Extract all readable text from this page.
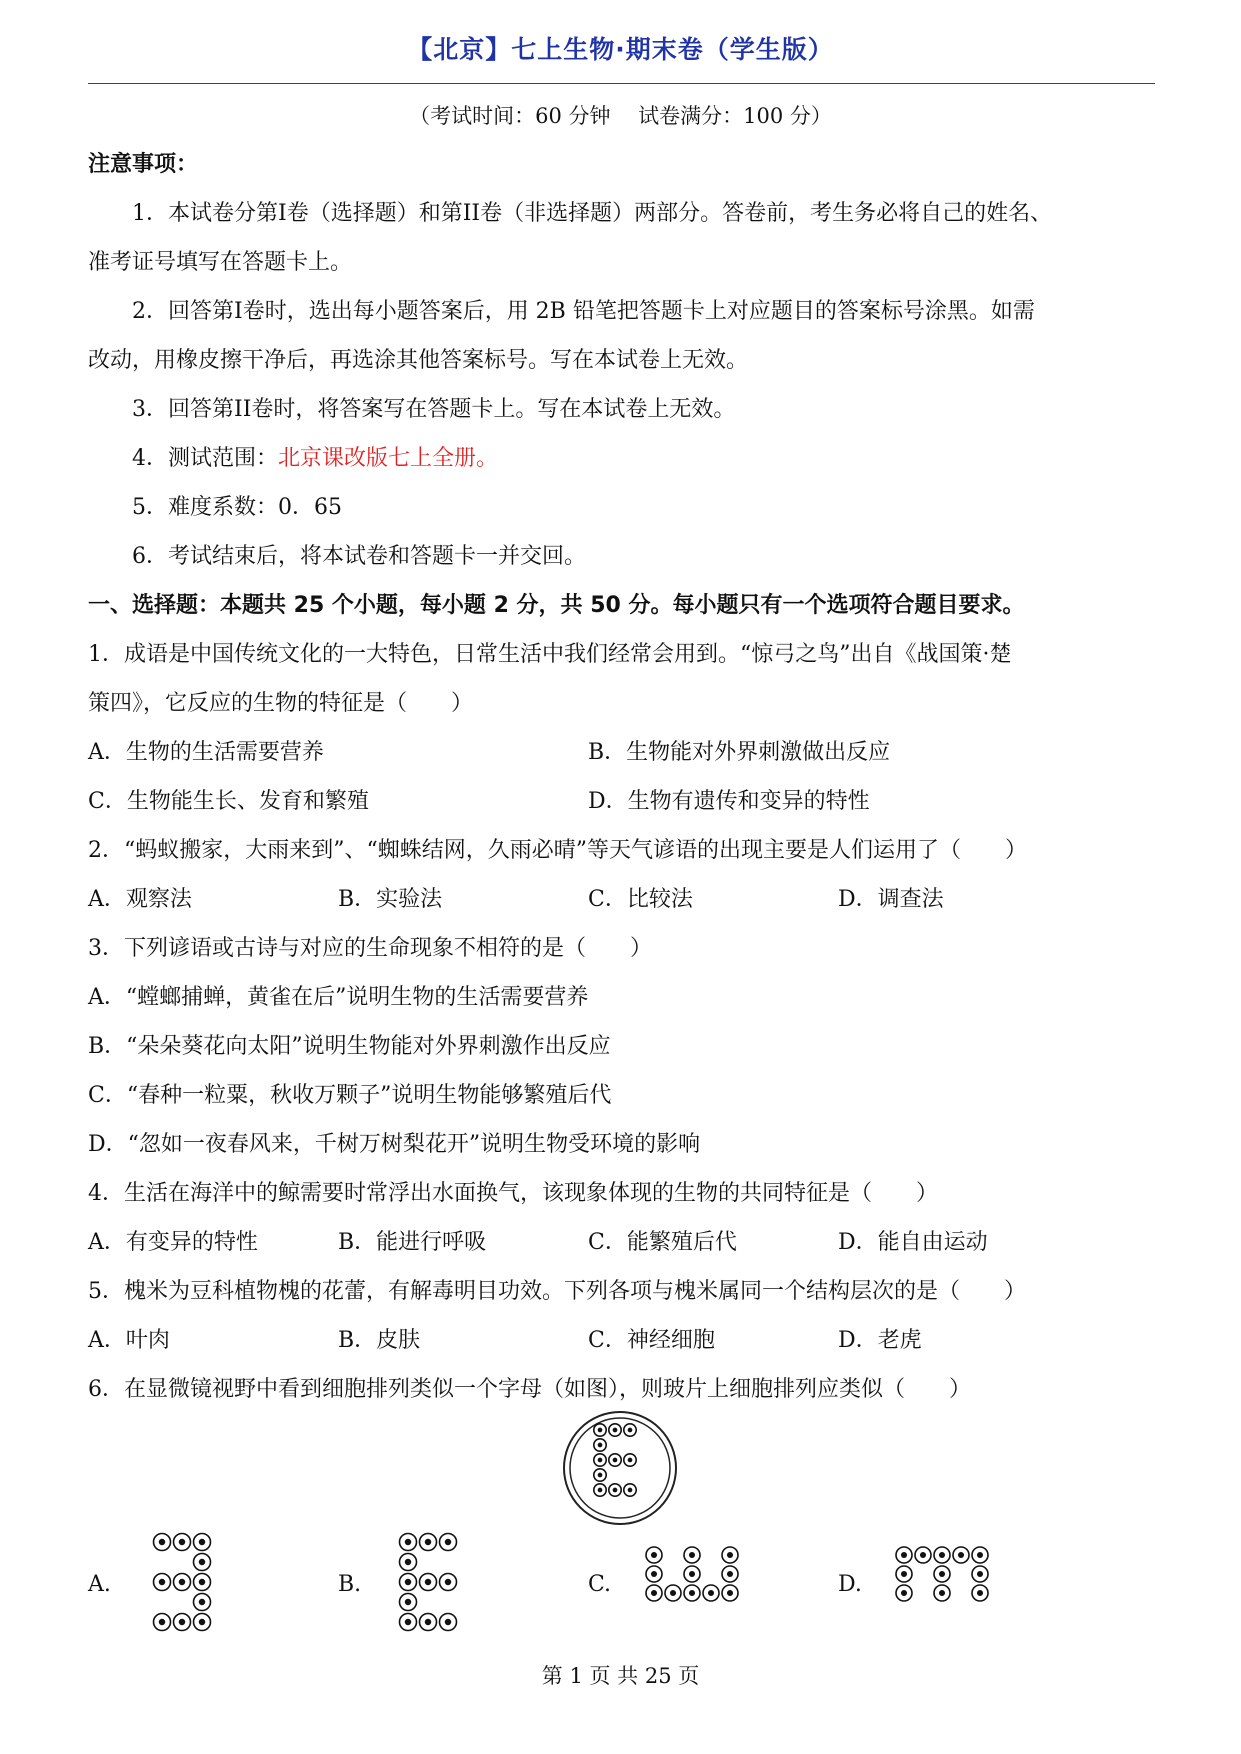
【北京】七上生物·期末卷（学生版）
（考试时间：60 分钟　 试卷满分：100 分）
注意事项：
1．本试卷分第I卷（选择题）和第II卷（非选择题）两部分。答卷前，考生务必将自己的姓名、
准考证号填写在答题卡上。
2．回答第I卷时，选出每小题答案后，用 2B 铅笔把答题卡上对应题目的答案标号涂黑。如需
改动，用橡皮擦干净后，再选涂其他答案标号。写在本试卷上无效。
3．回答第II卷时，将答案写在答题卡上。写在本试卷上无效。
4．测试范围：北京课改版七上全册。
5．难度系数：0．65
6．考试结束后，将本试卷和答题卡一并交回。
一、选择题：本题共 25 个小题，每小题 2 分，共 50 分。每小题只有一个选项符合题目要求。
1．成语是中国传统文化的一大特色，日常生活中我们经常会用到。“惊弓之鸟”出自《战国策·楚
策四》，它反应的生物的特征是（　　）
A．生物的生活需要营养	B．生物能对外界刺激做出反应
C．生物能生长、发育和繁殖	D．生物有遗传和变异的特性
2．“蚂蚁搬家，大雨来到”、“蜘蛛结网，久雨必晴”等天气谚语的出现主要是人们运用了（　　）
A．观察法	B．实验法	C．比较法	D．调查法
3．下列谚语或古诗与对应的生命现象不相符的是（　　）
A．“螳螂捕蝉，黄雀在后”说明生物的生活需要营养
B．“朵朵葵花向太阳”说明生物能对外界刺激作出反应
C．“春种一粒粟，秋收万颗子”说明生物能够繁殖后代
D．“忽如一夜春风来，千树万树梨花开”说明生物受环境的影响
4．生活在海洋中的鲸需要时常浮出水面换气，该现象体现的生物的共同特征是（　　）
A．有变异的特性	B．能进行呼吸	C．能繁殖后代	D．能自由运动
5．槐米为豆科植物槐的花蕾，有解毒明目功效。下列各项与槐米属同一个结构层次的是（　　）
A．叶肉	B．皮肤	C．神经细胞	D．老虎
6．在显微镜视野中看到细胞排列类似一个字母（如图），则玻片上细胞排列应类似（　　）
A.	B.	C.	D.
第 1 页 共 25 页
